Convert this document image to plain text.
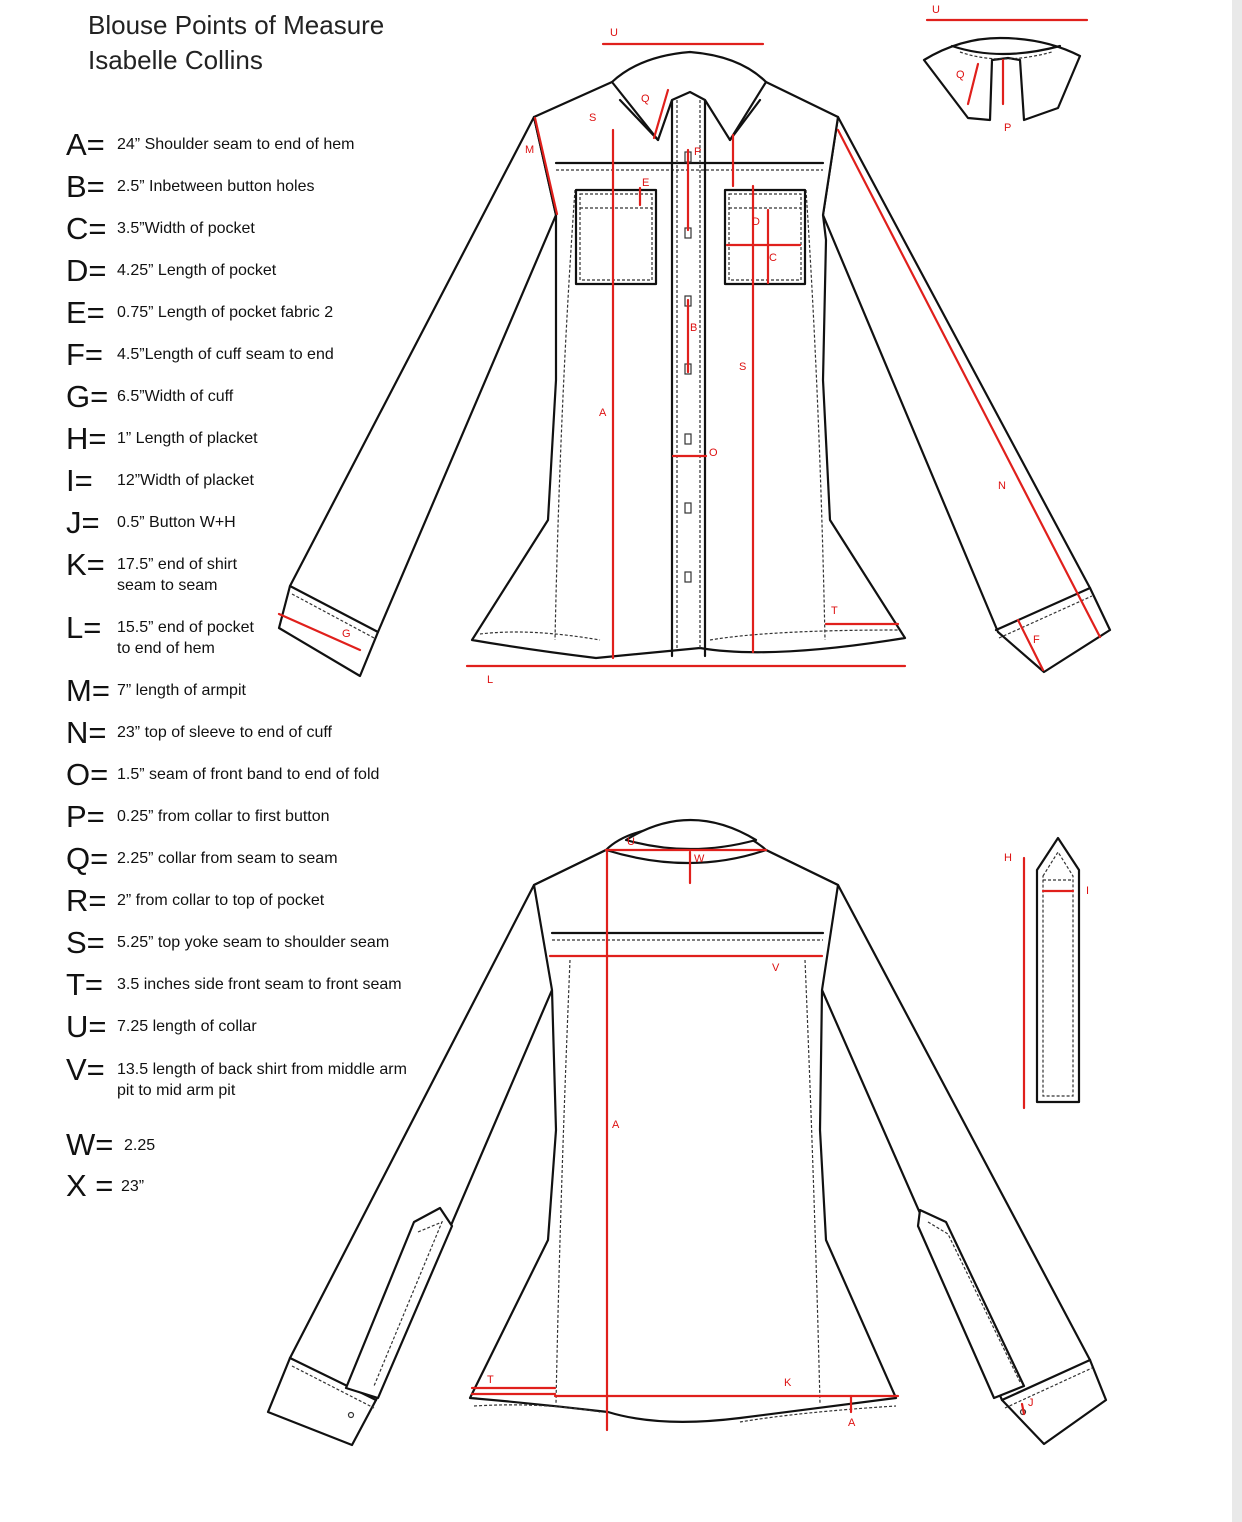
Blouse Points of Measure
Isabelle Collins
A= 24” Shoulder seam to end of hem
B= 2.5” Inbetween button holes
C= 3.5”Width of pocket
D= 4.25” Length of pocket
E= 0.75” Length of pocket fabric 2
F= 4.5”Length of cuff seam to end
G= 6.5”Width of cuff
H= 1” Length of placket
I= 12”Width of placket
J= 0.5” Button W+H
K= 17.5” end of shirt
seam to seam
L= 15.5” end of pocket
to end of hem
M= 7” length of armpit
N= 23” top of sleeve to end of cuff
O= 1.5” seam of front band to end of fold
P= 0.25” from collar to first button
Q= 2.25” collar from seam to seam
R= 2” from collar to top of pocket
S= 5.25” top yoke seam to shoulder seam
T= 3.5 inches side front seam to front seam
U= 7.25 length of collar
V= 13.5 length of back shirt from middle arm
pit to mid arm pit
W= 2.25
X = 23”
U
S
Q
M	P
E
D
C
B
S
A
O
N
T
F
G
L
U
Q
P
U
W
V
A
T	K
A
J
H
I
